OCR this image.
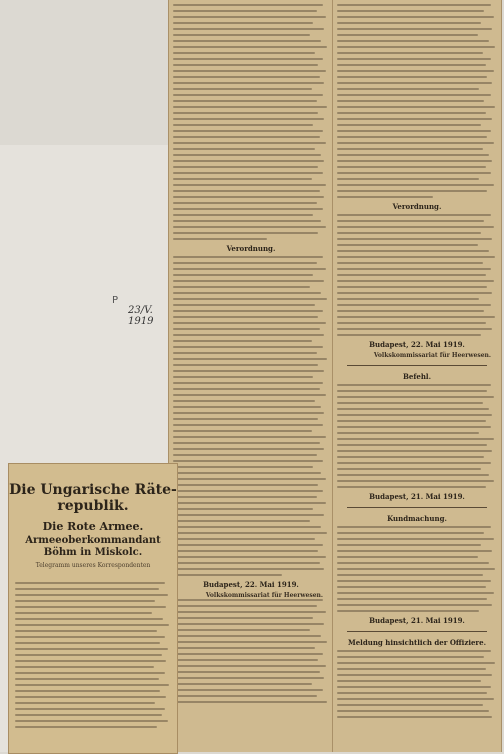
P
23/V. 1919
Verordnung.
Budapest, 22. Mai 1919.
Volkskommissariat für Heerwesen.
Verordnung.
Budapest, 22. Mai 1919.
Volkskommissariat für Heerwesen.
Befehl.
Budapest, 21. Mai 1919.
Kundmachung.
Budapest, 21. Mai 1919.
Meldung hinsichtlich der Offiziere.
Die Ungarische Räte-republik.
Die Rote Armee.
Armeeoberkommandant Böhm in Miskolc.
Telegramm unseres Korrespondenten
